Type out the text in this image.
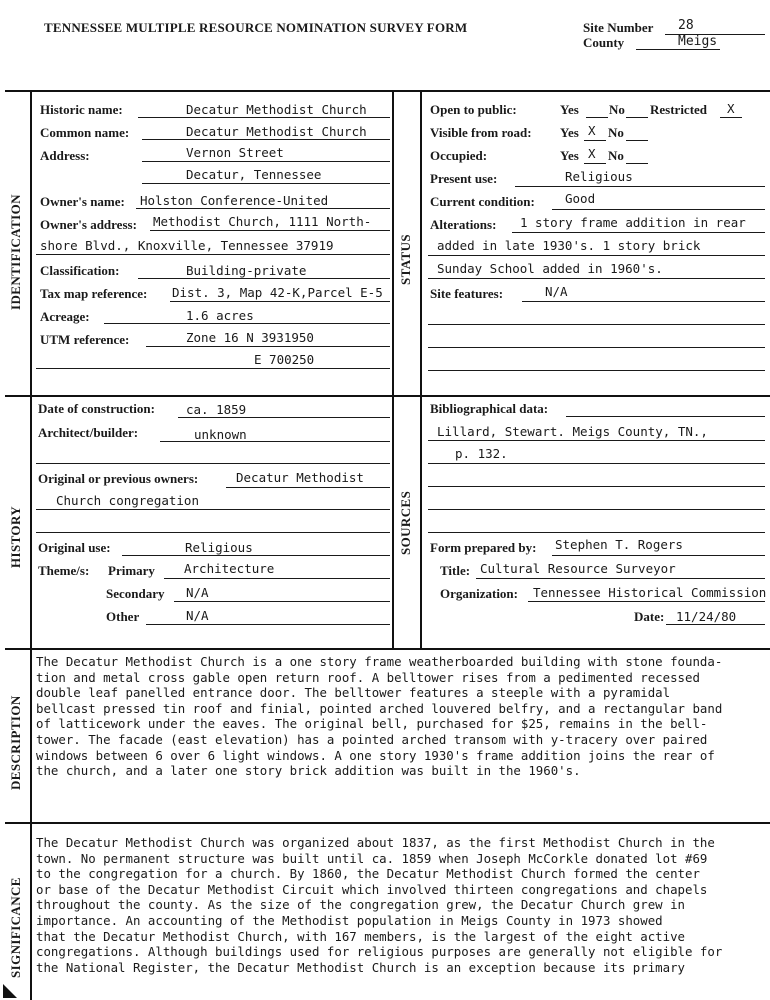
TENNESSEE MULTIPLE RESOURCE NOMINATION SURVEY FORM	Site Number 28
County	Meigs
IDENTIFICATION	STATUS
HISTORY	SOURCES
DESCRIPTION
SIGNIFICANCE
Historic name:	Decatur Methodist Church
Common name:	Decatur Methodist Church
Address:	Vernon Street
Decatur, Tennessee
Owner's name: Holston Conference-United
Owner's address: Methodist Church, 1111 North-
shore Blvd., Knoxville, Tennessee 37919
Classification:	Building-private
Tax map reference: Dist. 3, Map 42-K,Parcel E-5
Acreage:	1.6 acres
UTM reference:	Zone 16 N 3931950
E 700250
Open to public:	Yes No Restricted X
Visible from road: Yes X No
Occupied:	Yes X No
Present use:	Religious
Current condition: Good
Alterations: 1 story frame addition in rear
added in late 1930's. 1 story brick
Sunday School added in 1960's.
Site features:	N/A
Date of construction: ca. 1859
Architect/builder:	unknown
Original or previous owners:	Decatur Methodist
Church congregation
Original use:	Religious
Theme/s: Primary Architecture
Secondary N/A
Other	N/A
Bibliographical data:
Lillard, Stewart. Meigs County, TN.,
p. 132.
Form prepared by: Stephen T. Rogers
Title: Cultural Resource Surveyor
Organization: Tennessee Historical Commission
Date: 11/24/80
The Decatur Methodist Church is a one story frame weatherboarded building with stone founda-
tion and metal cross gable open return roof. A belltower rises from a pedimented recessed
double leaf panelled entrance door. The belltower features a steeple with a pyramidal
bellcast pressed tin roof and finial, pointed arched louvered belfry, and a rectangular band
of latticework under the eaves. The original bell, purchased for $25, remains in the bell-
tower. The facade (east elevation) has a pointed arched transom with y-tracery over paired
windows between 6 over 6 light windows. A one story 1930's frame addition joins the rear of
the church, and a later one story brick addition was built in the 1960's.
The Decatur Methodist Church was organized about 1837, as the first Methodist Church in the
town. No permanent structure was built until ca. 1859 when Joseph McCorkle donated lot #69
to the congregation for a church. By 1860, the Decatur Methodist Church formed the center
or base of the Decatur Methodist Circuit which involved thirteen congregations and chapels
throughout the county. As the size of the congregation grew, the Decatur Church grew in
importance. An accounting of the Methodist population in Meigs County in 1973 showed
that the Decatur Methodist Church, with 167 members, is the largest of the eight active
congregations. Although buildings used for religious purposes are generally not eligible for
the National Register, the Decatur Methodist Church is an exception because its primary
